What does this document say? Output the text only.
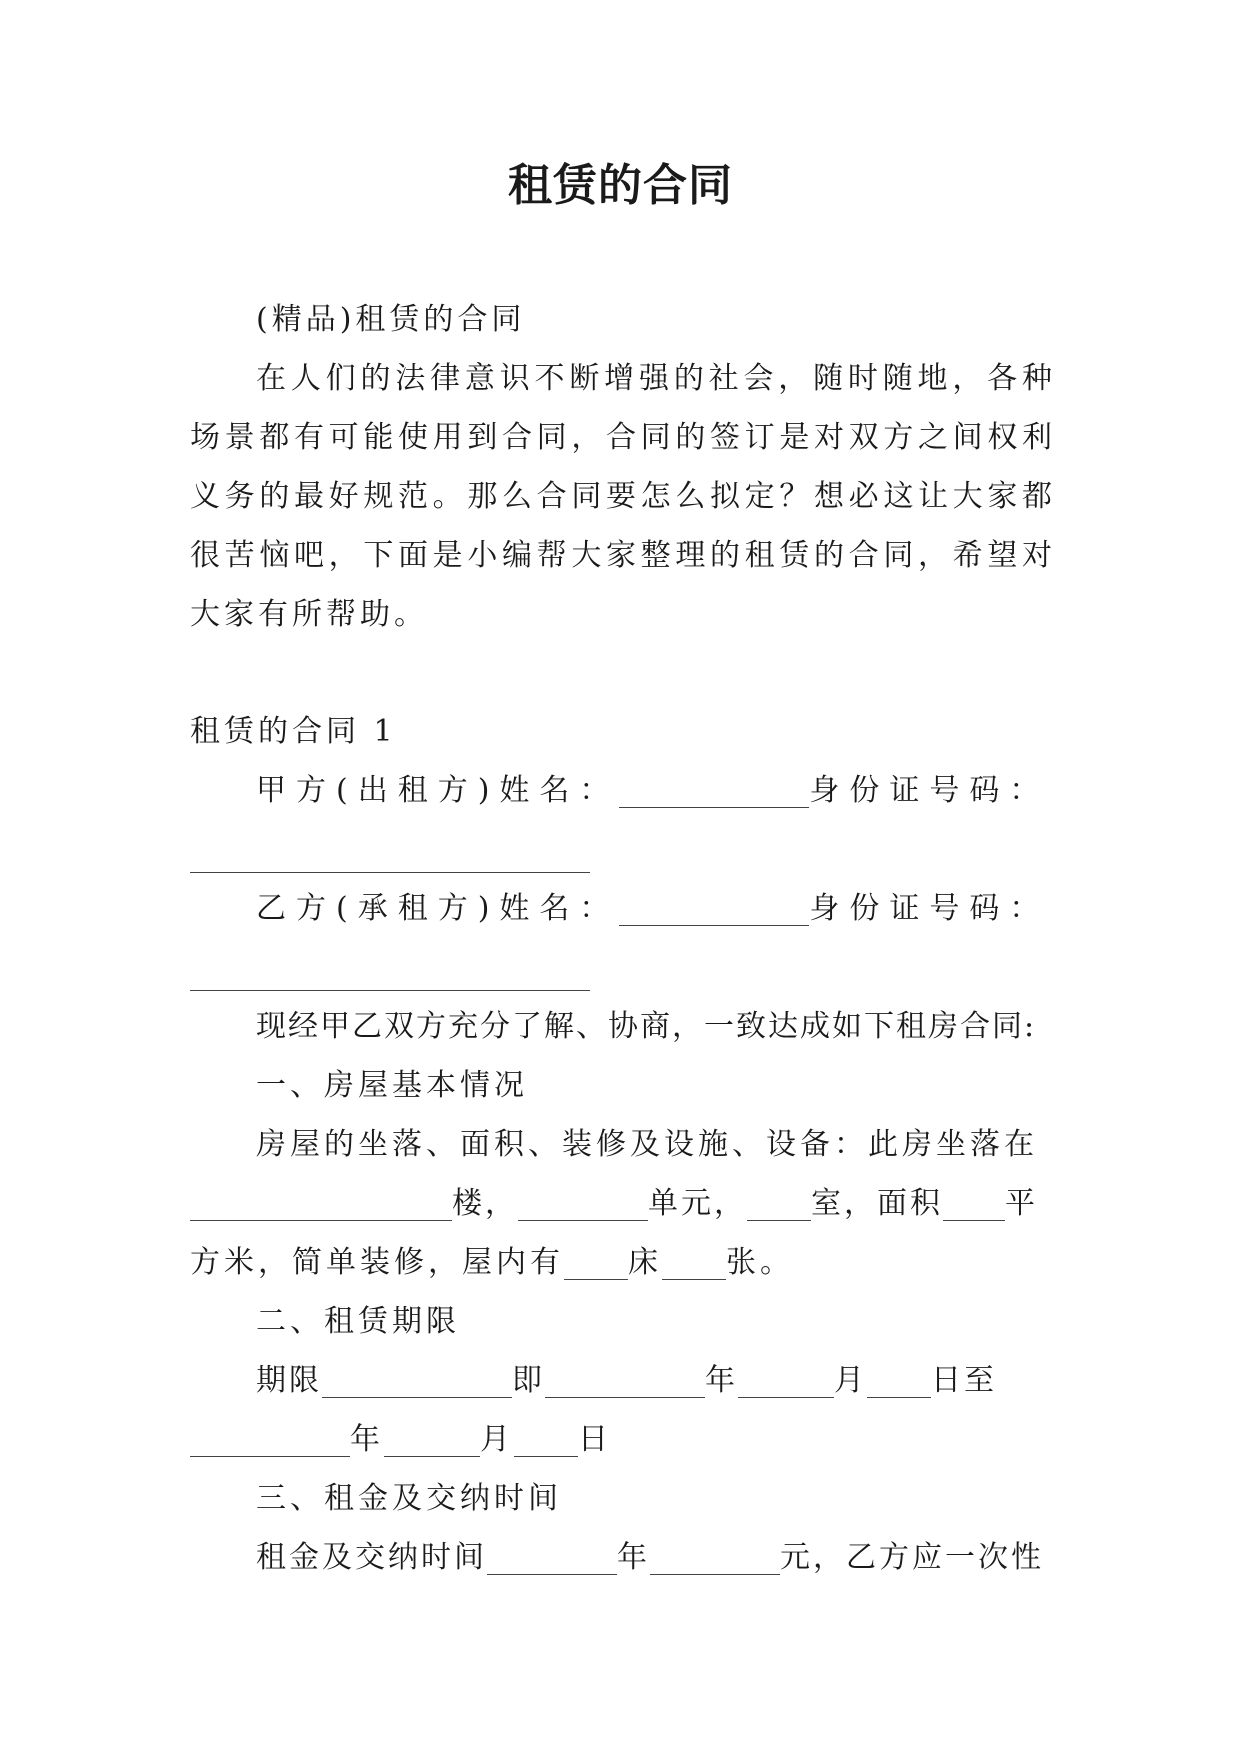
租赁的合同

(精品)租赁的合同

在人们的法律意识不断增强的社会，随时随地，各种场景都有可能使用到合同，合同的签订是对双方之间权利义务的最好规范。那么合同要怎么拟定？想必这让大家都很苦恼吧，下面是小编帮大家整理的租赁的合同，希望对大家有所帮助。

租赁的合同 1

甲方(出租方)姓名：	身份证号码：

乙方(承租方)姓名：	身份证号码：

现经甲乙双方充分了解、协商，一致达成如下租房合同:

一、房屋基本情况

房屋的坐落、面积、装修及设施、设备：此房坐落在

楼，	单元， 室，面积 平

方米，简单装修，屋内有 床 张。

二、租赁期限

期限	即	年	月 日至

年	月 日

三、租金及交纳时间

租金及交纳时间	年	元，乙方应一次性
